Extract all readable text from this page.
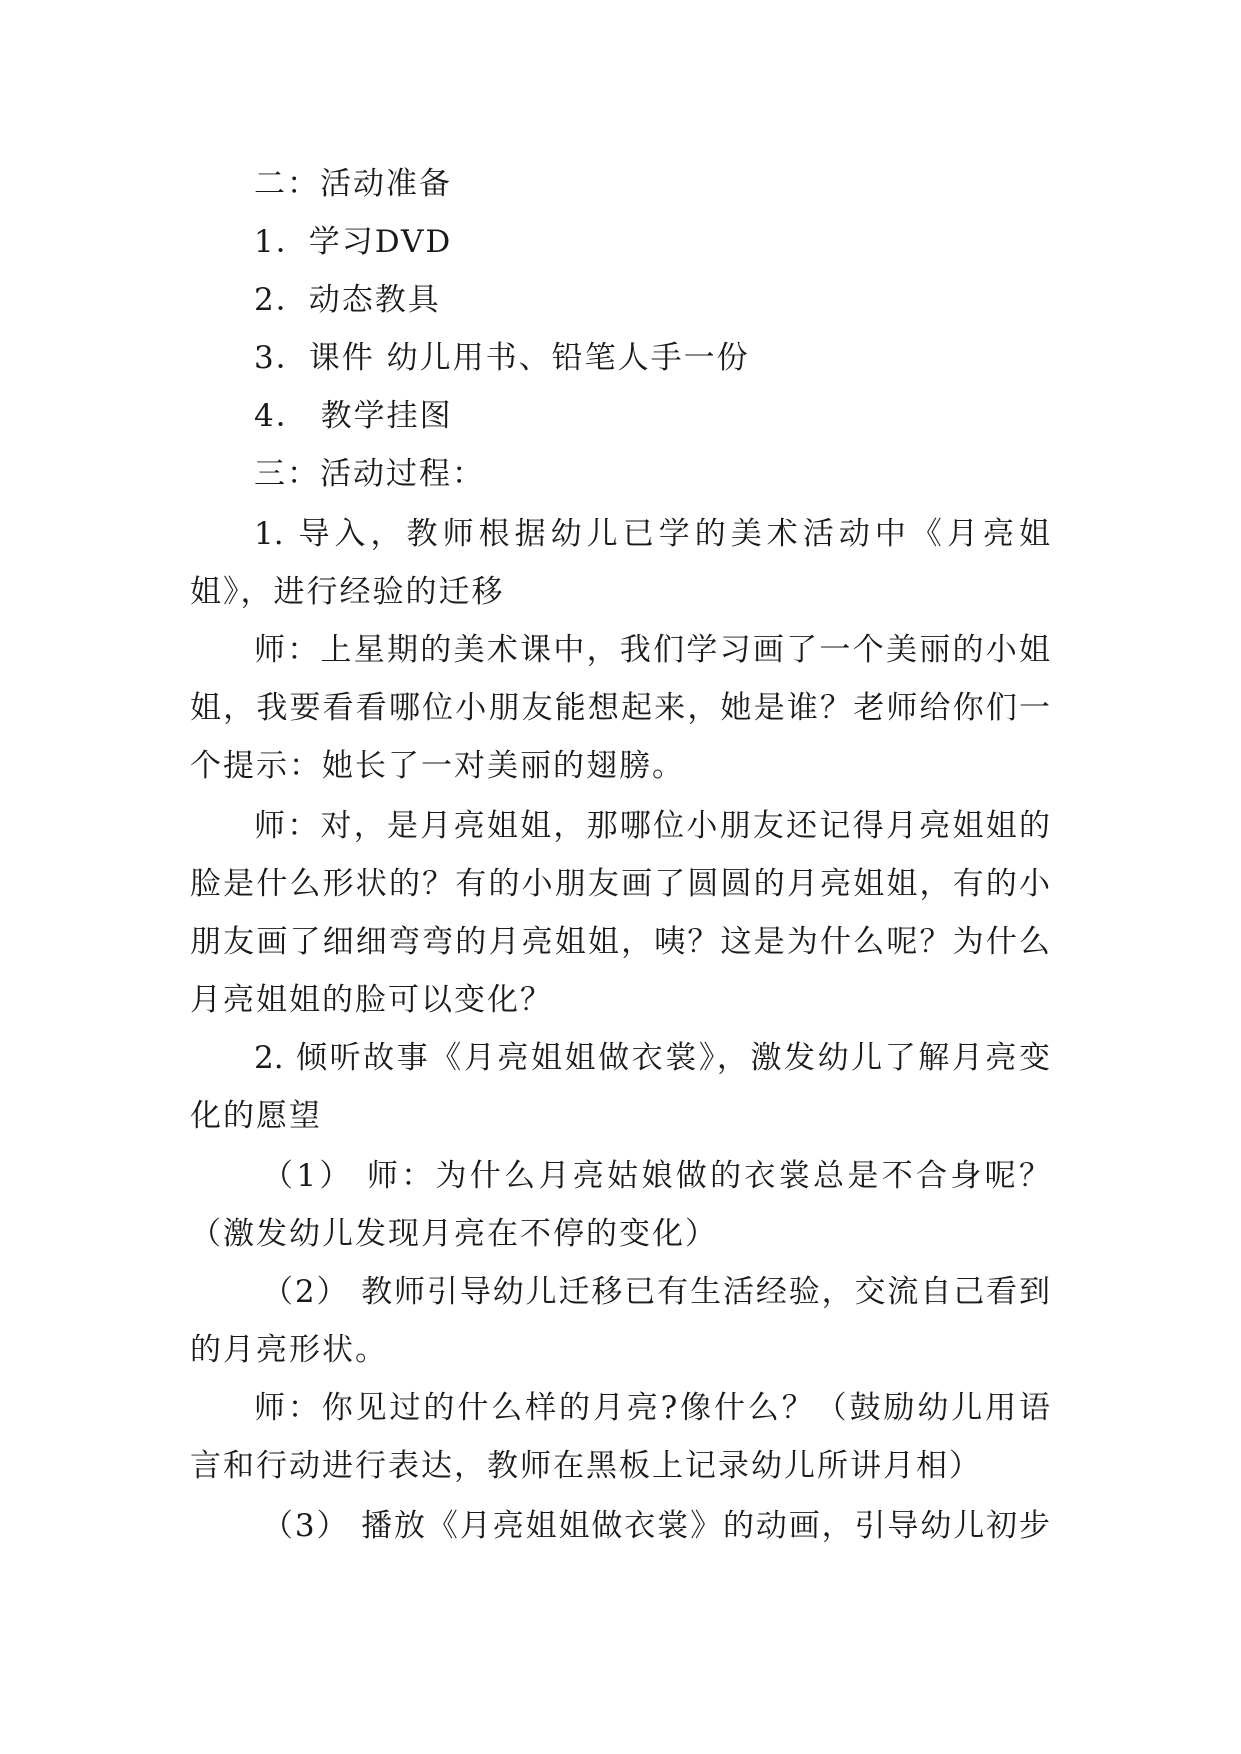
二：活动准备
1．学习DVD
2．动态教具
3．课件 幼儿用书、铅笔人手一份
4． 教学挂图
三：活动过程：
1. 导入，教师根据幼儿已学的美术活动中《月亮姐
姐》，进行经验的迁移
师：上星期的美术课中，我们学习画了一个美丽的小姐
姐，我要看看哪位小朋友能想起来，她是谁？老师给你们一
个提示：她长了一对美丽的翅膀。
师：对，是月亮姐姐，那哪位小朋友还记得月亮姐姐的
脸是什么形状的？有的小朋友画了圆圆的月亮姐姐，有的小
朋友画了细细弯弯的月亮姐姐，咦？这是为什么呢？为什么
月亮姐姐的脸可以变化？
2. 倾听故事《月亮姐姐做衣裳》，激发幼儿了解月亮变
化的愿望
（1） 师：为什么月亮姑娘做的衣裳总是不合身呢？
（激发幼儿发现月亮在不停的变化）
（2） 教师引导幼儿迁移已有生活经验，交流自己看到
的月亮形状。
师：你见过的什么样的月亮?像什么？（鼓励幼儿用语
言和行动进行表达，教师在黑板上记录幼儿所讲月相）
（3） 播放《月亮姐姐做衣裳》的动画，引导幼儿初步
